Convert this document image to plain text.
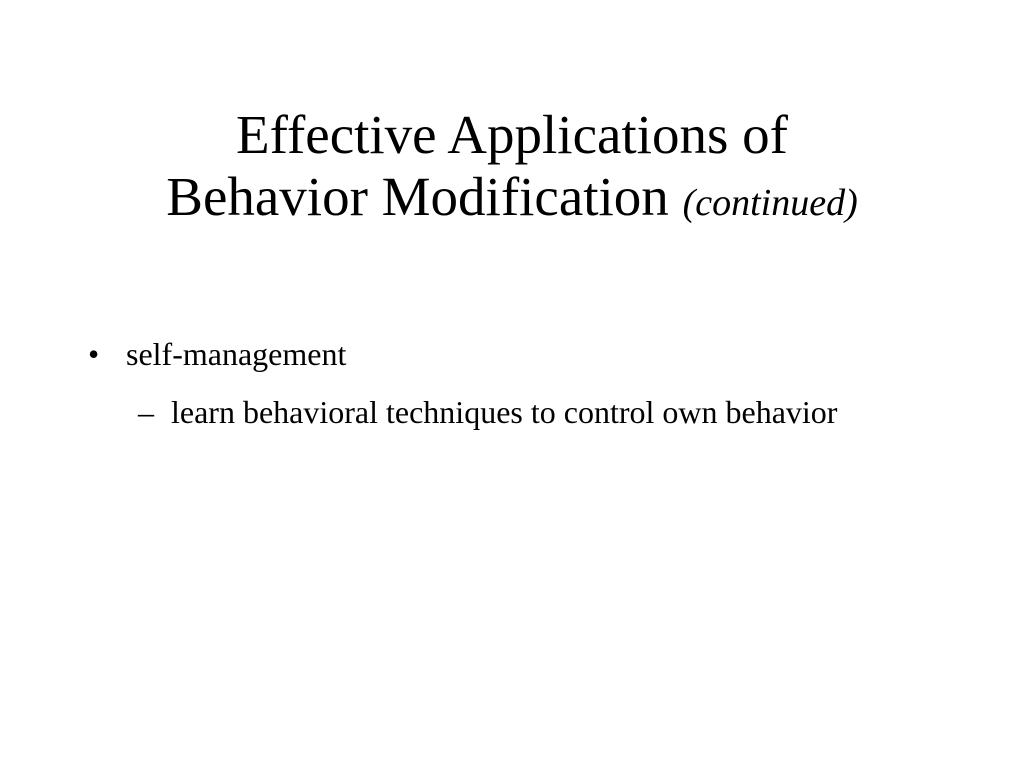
Effective Applications of
Behavior Modification (continued)
• self-management
– learn behavioral techniques to control own behavior
